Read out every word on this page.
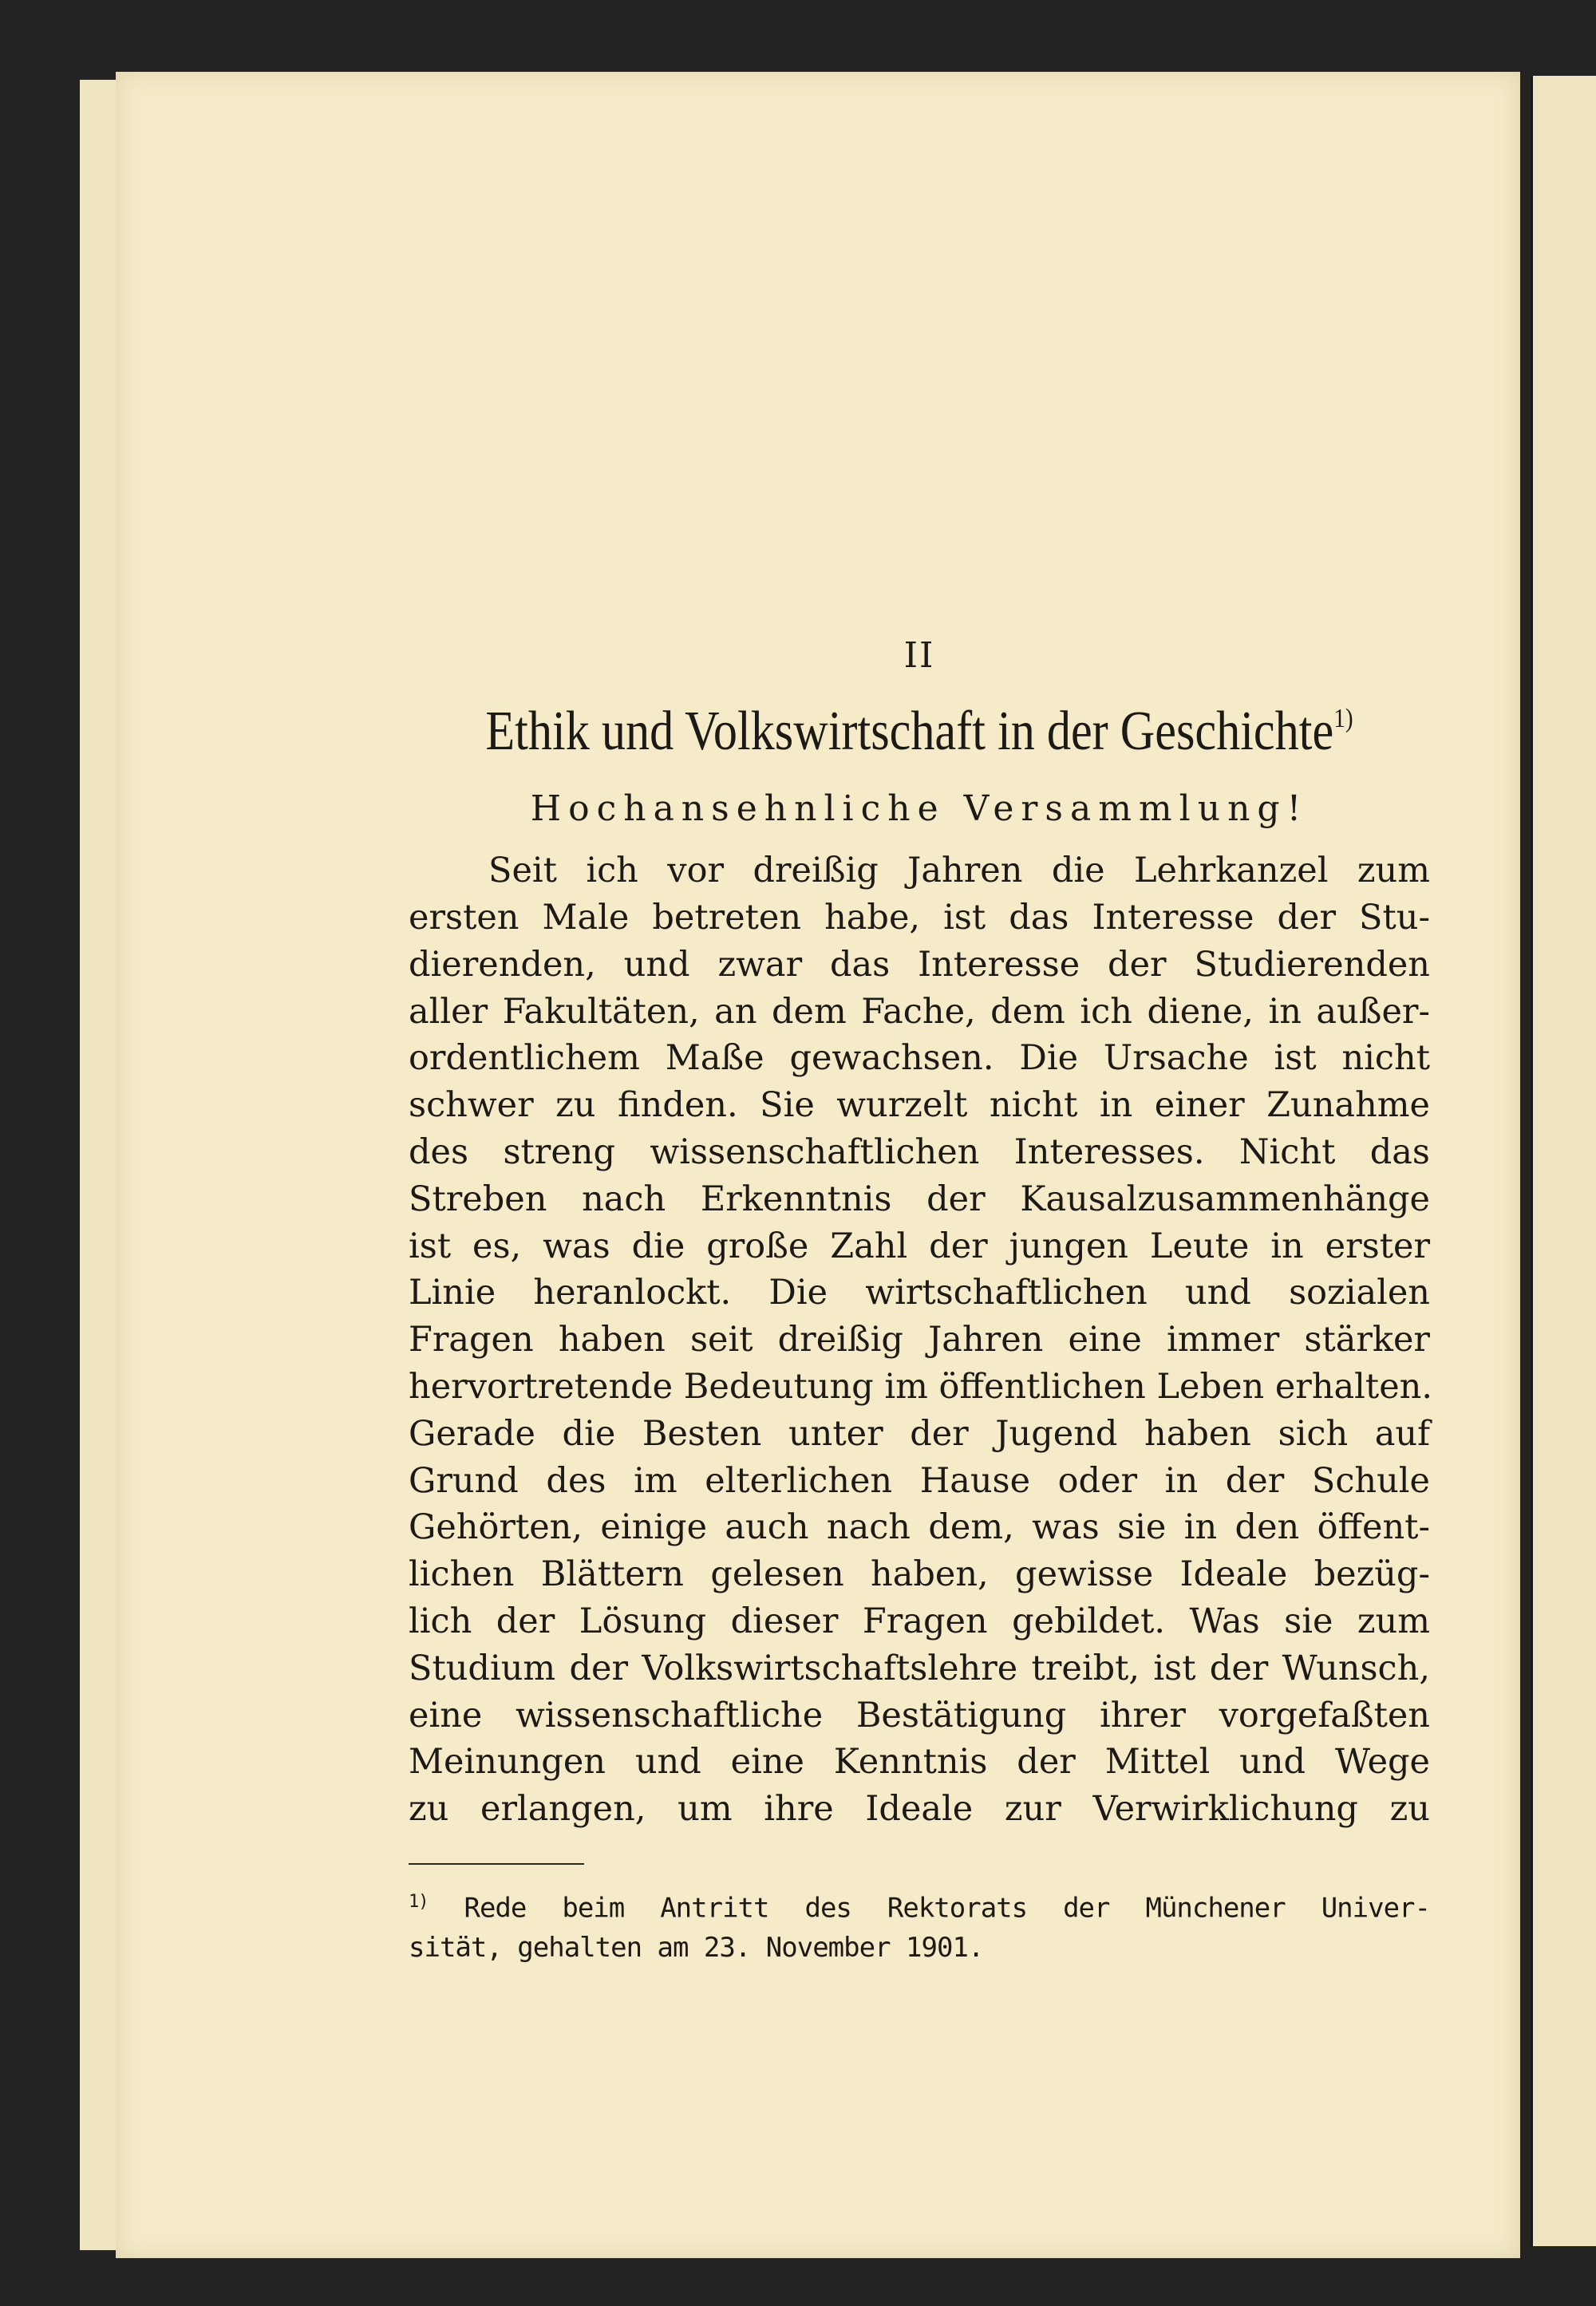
II
Ethik und Volkswirtschaft in der Geschichte$^{1)}$
Hochansehnliche Versammlung!

Seit ich vor dreißig Jahren die Lehrkanzel zum
ersten Male betreten habe, ist das Interesse der Stu-
dierenden, und zwar das Interesse der Studierenden
aller Fakultäten, an dem Fache, dem ich diene, in außer-
ordentlichem Maße gewachsen. Die Ursache ist nicht
schwer zu finden. Sie wurzelt nicht in einer Zunahme
des streng wissenschaftlichen Interesses. Nicht das
Streben nach Erkenntnis der Kausalzusammenhänge
ist es, was die große Zahl der jungen Leute in erster
Linie heranlockt. Die wirtschaftlichen und sozialen
Fragen haben seit dreißig Jahren eine immer stärker
hervortretende Bedeutung im öffentlichen Leben erhalten.
Gerade die Besten unter der Jugend haben sich auf
Grund des im elterlichen Hause oder in der Schule
Gehörten, einige auch nach dem, was sie in den öffent-
lichen Blättern gelesen haben, gewisse Ideale bezüg-
lich der Lösung dieser Fragen gebildet. Was sie zum
Studium der Volkswirtschaftslehre treibt, ist der Wunsch,
eine wissenschaftliche Bestätigung ihrer vorgefaßten
Meinungen und eine Kenntnis der Mittel und Wege
zu erlangen, um ihre Ideale zur Verwirklichung zu

$^{1)}$ Rede beim Antritt des Rektorats der Münchener Univer-
sität, gehalten am 23. November 1901.
